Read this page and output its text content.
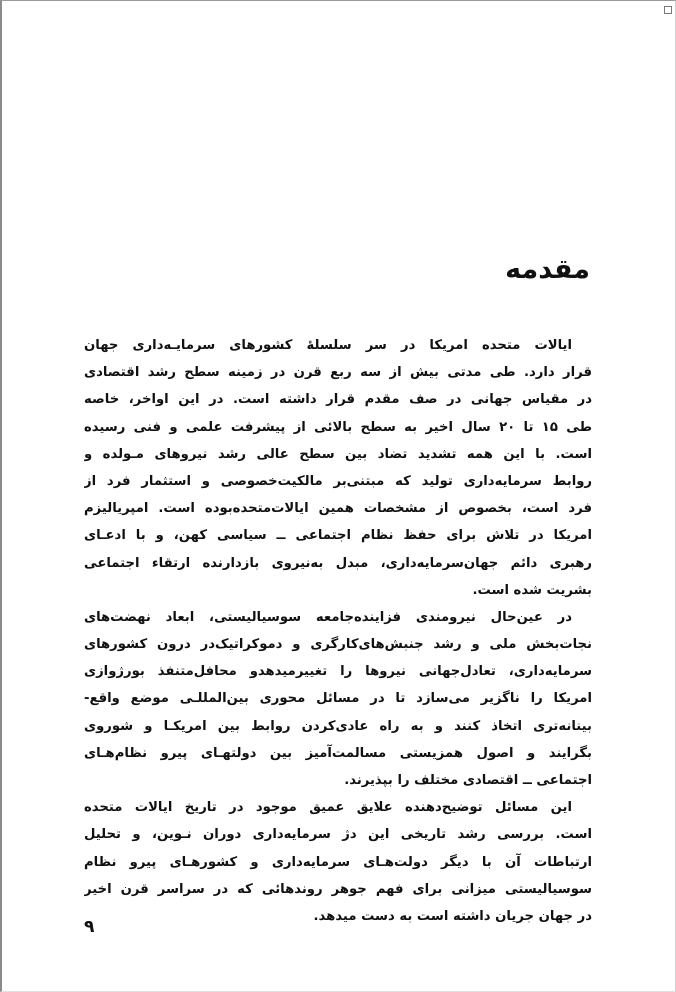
مقدمه
ایالات متحده امریکا در سر سلسلهٔ کشورهای سرمایـه‌داری جهان
قرار دارد. طی مدتی بیش از سه ربع قرن در زمینه سطح رشد اقتصادی
در مقیاس جهانی در صف مقدم قرار داشته است. در این اواخر، خاصه
طی ۱۵ تا ۲۰ سال اخیر به سطح بالائی از پیشرفت علمی و فنی رسیده
است. با این همه تشدید تضاد بین سطح عالی رشد نیروهای مـولده و
روابط سرمایه‌داری تولید که مبتنی‌بر مالکیت‌خصوصی و استثمار فرد از
فرد است، بخصوص از مشخصات همین ایالات‌متحده‌بوده است. امپریالیزم
امریکا در تلاش برای حفظ نظام اجتماعی ــ سیاسی کهن، و با ادعـای
رهبری دائم جهان‌سرمایه‌داری، مبدل به‌نیروی بازدارنده ارتقاء اجتماعی
بشریت شده است.
در عین‌حال نیرومندی فزاینده‌جامعه سوسیالیستی، ابعاد نهضت‌های
نجات‌بخش ملی و رشد جنبش‌های‌کارگری و دموکراتیک‌در درون کشورهای
سرمایه‌داری، تعادل‌جهانی نیروها را تغییرمیدهدو محافل‌متنفذ بورژوازی
امریکا را ناگزیر می‌سازد تا در مسائل محوری بین‌المللـی موضع واقع‌-
بینانه‌تری اتخاذ کنند و به راه عادی‌کردن روابط بین امریکـا و شوروی
بگرایند و اصول همزیستی مسالمت‌آمیز بین دولتهـای پیرو نظام‌هـای
اجتماعی ــ اقتصادی مختلف را بپذیرند.
این مسائل توضیح‌دهنده علایق عمیق موجود در تاریخ ایالات متحده
است. بررسی رشد تاریخی این دژ سرمایه‌داری دوران نـوین، و تحلیل
ارتباطات آن با دیگر دولت‌هـای سرمایه‌داری و کشورهـای پیرو نظام
سوسیالیستی میزانی برای فهم جوهر روندهائی که در سراسر قرن اخیر
در جهان جریان داشته است به دست میدهد.
۹
